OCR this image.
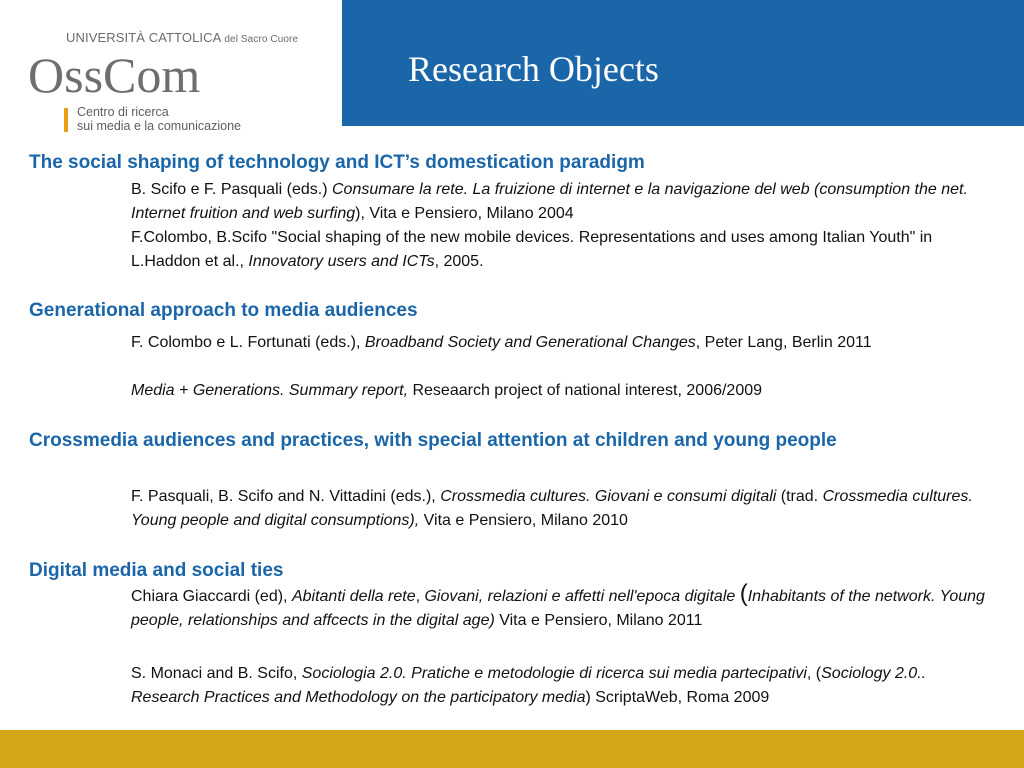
UNIVERSITÀ CATTOLICA del Sacro Cuore
OssCom
Centro di ricerca
sui media e la comunicazione
Research Objects
The social shaping of technology and ICT’s domestication paradigm
B. Scifo e F. Pasquali (eds.) Consumare la rete. La fruizione di internet e la navigazione del web (consumption the net. Internet fruition and web surfing), Vita e Pensiero, Milano 2004
F.Colombo, B.Scifo "Social shaping of the new mobile devices. Representations and uses among Italian Youth" in L.Haddon et al., Innovatory users and ICTs, 2005.
Generational approach to media audiences
F. Colombo e L. Fortunati (eds.), Broadband Society and Generational Changes, Peter Lang, Berlin 2011
Media + Generations. Summary report, Reseaarch project of national interest, 2006/2009
Crossmedia audiences and practices, with special attention at children and young people
F. Pasquali, B. Scifo and N. Vittadini (eds.), Crossmedia cultures. Giovani e consumi digitali (trad. Crossmedia cultures. Young people and digital consumptions), Vita e Pensiero, Milano 2010
Digital media and social ties
Chiara Giaccardi (ed), Abitanti della rete, Giovani, relazioni e affetti nell'epoca digitale (Inhabitants of the network. Young people, relationships and affcects in the digital age) Vita e Pensiero, Milano 2011
S. Monaci and B. Scifo, Sociologia 2.0. Pratiche e metodologie di ricerca sui media partecipativi, (Sociology 2.0.. Research Practices and Methodology on the participatory media) ScriptaWeb, Roma 2009
